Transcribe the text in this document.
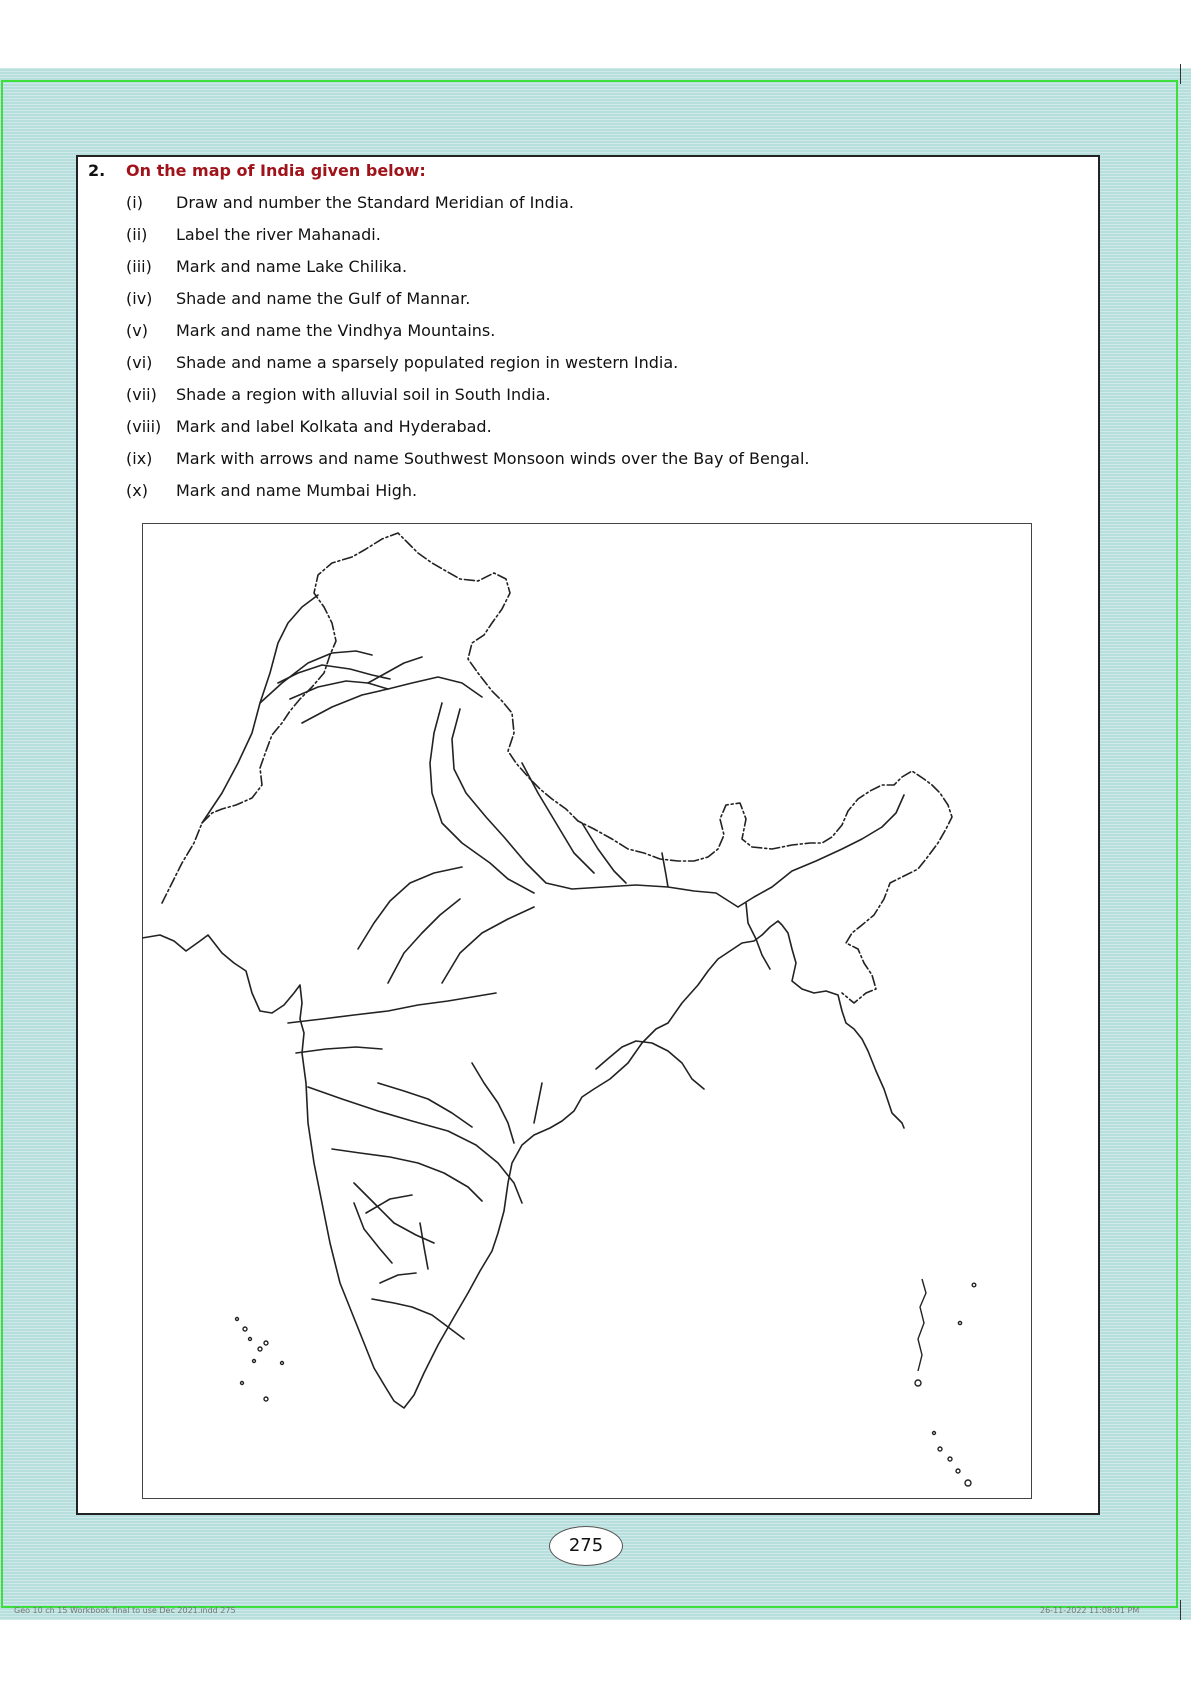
2. On the map of India given below:
(i) Draw and number the Standard Meridian of India.
(ii) Label the river Mahanadi.
(iii) Mark and name Lake Chilika.
(iv) Shade and name the Gulf of Mannar.
(v) Mark and name the Vindhya Mountains.
(vi) Shade and name a sparsely populated region in western India.
(vii) Shade a region with alluvial soil in South India.
(viii) Mark and label Kolkata and Hyderabad.
(ix) Mark with arrows and name Southwest Monsoon winds over the Bay of Bengal.
(x) Mark and name Mumbai High.
275
Geo 10 ch 15 Workbook final to use Dec 2021.indd 275	26-11-2022 11:08:01 PM
